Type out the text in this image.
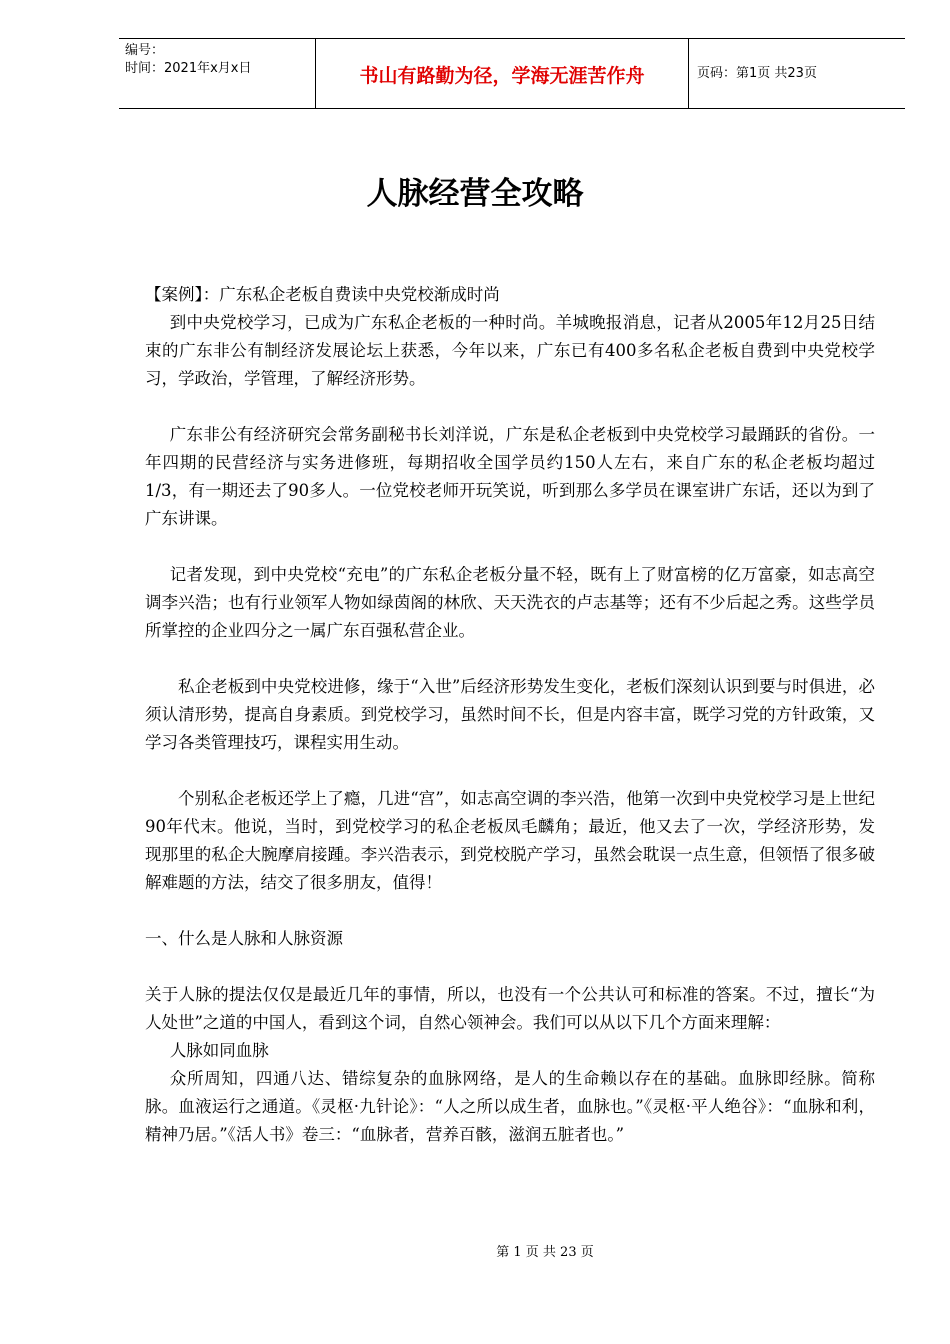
编号：
时间：2021年x月x日	书山有路勤为径，学海无涯苦作舟	页码：第1页 共23页
人脉经营全攻略

【案例】：广东私企老板自费读中央党校渐成时尚

到中央党校学习，已成为广东私企老板的一种时尚。羊城晚报消息，记者从2005年12月25日结束的广东非公有制经济发展论坛上获悉，今年以来，广东已有400多名私企老板自费到中央党校学习，学政治，学管理，了解经济形势。

广东非公有经济研究会常务副秘书长刘洋说，广东是私企老板到中央党校学习最踊跃的省份。一年四期的民营经济与实务进修班，每期招收全国学员约150人左右，来自广东的私企老板均超过1/3，有一期还去了90多人。一位党校老师开玩笑说，听到那么多学员在课室讲广东话，还以为到了广东讲课。

记者发现，到中央党校“充电”的广东私企老板分量不轻，既有上了财富榜的亿万富豪，如志高空调李兴浩；也有行业领军人物如绿茵阁的林欣、天天洗衣的卢志基等；还有不少后起之秀。这些学员所掌控的企业四分之一属广东百强私营企业。

私企老板到中央党校进修，缘于“入世”后经济形势发生变化，老板们深刻认识到要与时俱进，必须认清形势，提高自身素质。到党校学习，虽然时间不长，但是内容丰富，既学习党的方针政策，又学习各类管理技巧，课程实用生动。

个别私企老板还学上了瘾，几进“宫”，如志高空调的李兴浩，他第一次到中央党校学习是上世纪90年代末。他说，当时，到党校学习的私企老板凤毛麟角；最近，他又去了一次，学经济形势，发现那里的私企大腕摩肩接踵。李兴浩表示，到党校脱产学习，虽然会耽误一点生意，但领悟了很多破解难题的方法，结交了很多朋友，值得！

一、什么是人脉和人脉资源

关于人脉的提法仅仅是最近几年的事情，所以，也没有一个公共认可和标准的答案。不过，擅长“为人处世”之道的中国人，看到这个词，自然心领神会。我们可以从以下几个方面来理解：

人脉如同血脉

众所周知，四通八达、错综复杂的血脉网络，是人的生命赖以存在的基础。血脉即经脉。简称脉。血液运行之通道。《灵枢·九针论》：“人之所以成生者，血脉也。”《灵枢·平人绝谷》：“血脉和利，精神乃居。”《活人书》卷三：“血脉者，营养百骸，滋润五脏者也。”

第 1 页 共 23 页
